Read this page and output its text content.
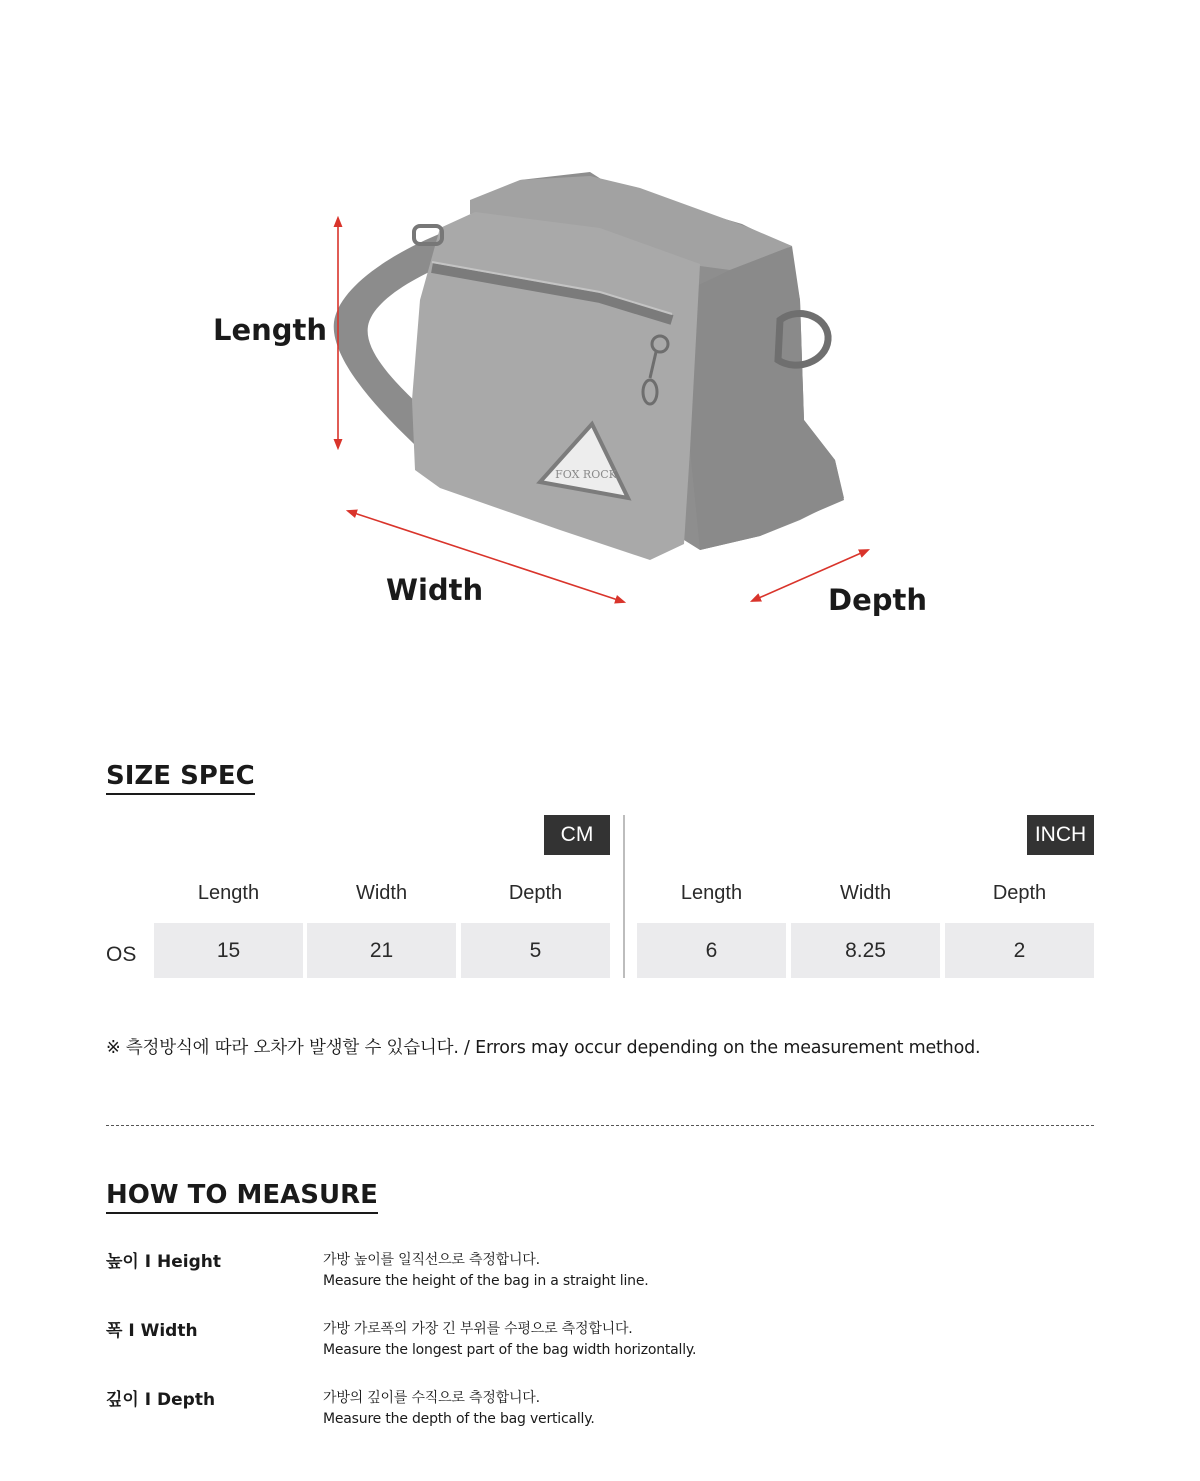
FOX ROCK
Length
Width	Depth
SIZE SPEC
CM	INCH
Length	Width	Depth	Length	Width	Depth
OS	15	21	5	6	8.25	2
※ 측정방식에 따라 오차가 발생할 수 있습니다. / Errors may occur depending on the measurement method.
HOW TO MEASURE
높이 I Height	가방 높이를 일직선으로 측정합니다.
Measure the height of the bag in a straight line.
폭 I Width	가방 가로폭의 가장 긴 부위를 수평으로 측정합니다.
Measure the longest part of the bag width horizontally.
깊이 I Depth	가방의 깊이를 수직으로 측정합니다.
Measure the depth of the bag vertically.
